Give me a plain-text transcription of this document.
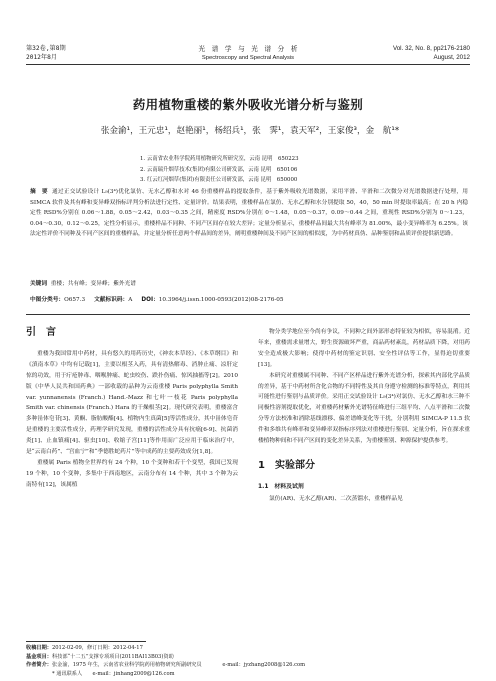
第32卷,第8期
2012年8月
光　谱　学　与　光　谱　分　析
Spectroscopy and Spectral Analysis
Vol. 32, No. 8, pp2176-2180
August, 2012
药用植物重楼的紫外吸收光谱分析与鉴别
张金渝¹，王元忠¹，赵艳丽¹，杨绍兵¹，张　霁¹，袁天军²，王家俊³，金　航¹*
1. 云南省农业科学院药用植物研究所研究室，云南 昆明　650223
2. 云南瑞升烟草技术(集团)有限公司研发部，云南 昆明　650106
3. 红云红河烟草(集团)有限责任公司研发部，云南 昆明　650000
摘　要 通过正交试验设计 L₉(3⁴)优化氯仿、无水乙醇和水对 46 份重楼样品的提取条件，基于紫外吸收光谱数据，采用平滑、平滑和二次微分对光谱数据进行处理，用 SIMCA 软件及其有峰和变异峰双指标评判分析法进行定性、定量评价。结果表明，重楼样品在氯仿、无水乙醇和水分别提取 50，40，50 min 时提取率最高；在 20 h 内稳定性 RSD%分别在 0.06～1.88，0.05～2.42，0.03～0.35 之间，精密度 RSD%分别在 0～1.48，0.05～0.37，0.09～0.44 之间，重现性 RSD%分别为 0～1.23，0.04～0.30，0.12～0.25，定性分析显示，重楼样品不同种、不同产区间存在较大差异；定量分析显示，重楼样品间最大共有峰率为 81.00%，最小变异峰率为 6.25%。该法定性评价不同种及不同产区间的重楼样品，并定量分析任意两个样品间的差异，阐明重楼种间及不同产区间的相似度，为中药材真伪、品种鉴别和品质评价提供新思路。
关键词 重楼；共有峰；变异峰；紫外光谱
中图分类号：O657.3 文献标识码：A DOI：10.3964/j.issn.1000-0593(2012)08-2176-05
引　言

重楼为我国常用中药材，具有悠久的用药历史，《神农本草经》、《本草纲目》和《滇南本草》中均有记载[1]，主要以根茎入药，具有清热解毒、消肿止痛、凉肝定惊的功效，用于疔疮肿毒、咽喉肿痛、蛇虫咬伤、跌扑伤痛、惊风抽搐等[2]。2010 版《中华人民共和国药典》一部收载的品种为云南重楼 Paris polyphylla Smith var. yunnanensis (Franch.) Hand.-Mazz 和七叶一枝花 Paris polyphylla Smith var. chinensis (Franch.) Hara 的干燥根茎[2]。现代研究表明，重楼富含多种甾体皂苷[3]、黄酮、脂肪酸酯[4]、植物内生真菌[5]等活性成分，其中甾体皂苷是重楼的主要活性成分，药理学研究发现，重楼的活性成分具有抗癌[6-9]、抗菌消炎[1]、止血镇痛[4]、驱虫[10]、收缩子宫[11]等作用而广泛应用于临床治疗中，是“云南白药”、“宫血宁”和“季德胜蛇药片”等中成药的主要药效成分[1,8]。

重楼属 Paris 植物全世界约有 24 个种，10 个变种和若干个变型，我国已发现 19 个种，10 个变种，多集中于西南地区，云南分布有 14 个种，其中 3 个种为云南特有[12]，该属植

物分类学地位至今尚有争议，不同种之间外部形态特征较为相似，容易混淆。近年来，重楼需求量增大，野生资源破坏严重，商品药材紊乱，药材品质下降，对用药安全造成极大影响；使得中药材的鉴定识别、安全性评估等工作，显得迫切重要[13]。

本研究对重楼属不同种、不同产区样品进行紫外光谱分析，探索其内部化学品质的差异，基于中药材所含化合物的不同特性及其自身遵守检测的标准等特点，利用其可能性进行鉴别与品质评价。采用正交试验设计 L₉(3⁴)对氯仿、无水乙醇和水三种不同极性溶剂提取优化，对重楼药材紫外光谱特征峰进行三组平均、八点平滑和二次微分等方法校准和消除基线漂移、偏差谱峰变化等干扰，分别利用 SIMCA-P 11.5 软件和多维共有峰率和变异峰率双指标序列法对重楼进行鉴别、定量分析，旨在探求重楼植物种间和不同产区间的变化差异关系，为重楼鉴别、种源保护提供参考。

1　实验部分
1.1　材料及试剂

氯仿(AR)、无水乙醇(AR)、二次蒸馏水，重楼样品见

收稿日期：2012-02-09，修订日期：2012-04-17
基金项目：科技部“十二五”支撑专项项目(2011BAI13B03)资助
作者简介：张金渝，1975 年生，云南省农业科学院药用植物研究所副研究员　　　　e-mail：jyzhang2008@126.com
* 通讯联系人　　e-mail：jinhang2009@126.com
